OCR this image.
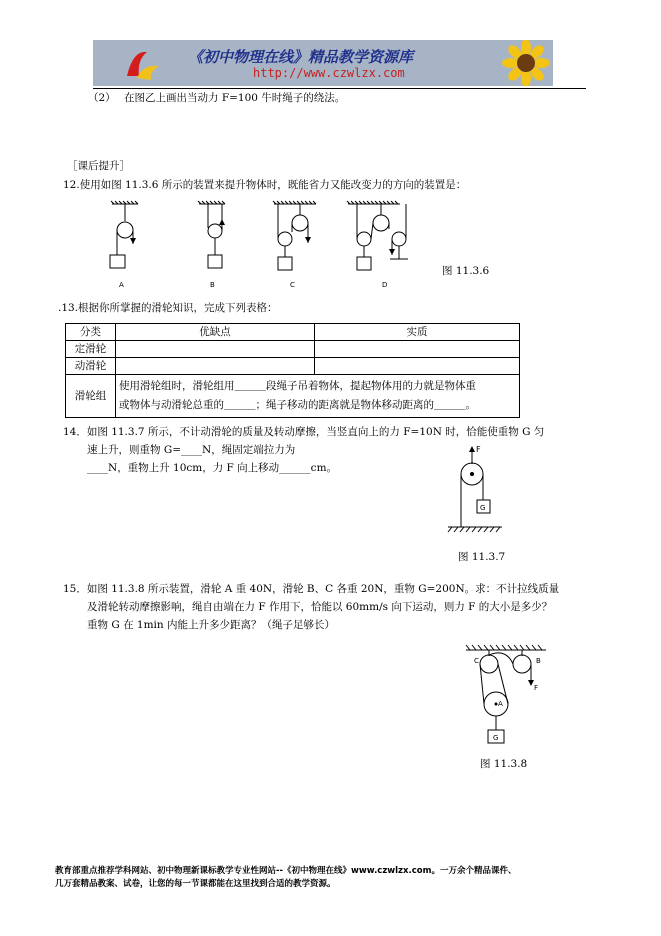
《初中物理在线》精品教学资源库
http://www.czwlzx.com
（2） 在图乙上画出当动力 F=100 牛时绳子的绕法。
［课后提升］
12.使用如图 11.3.6 所示的装置来提升物体时，既能省力又能改变力的方向的装置是：
A	B	C	D
图 11.3.6
.13.根据你所掌握的滑轮知识，完成下列表格：
分类	优缺点	实质
定滑轮		
动滑轮		
滑轮组	使用滑轮组时，滑轮组用＿＿＿段绳子吊着物体，提起物体用的力就是物体重
或物体与动滑轮总重的＿＿＿；绳子移动的距离就是物体移动距离的＿＿＿。	
14．如图 11.3.7 所示，不计动滑轮的质量及转动摩擦，当竖直向上的力 F=10N 时，恰能使重物 G 匀
速上升，则重物 G=____N，绳固定端拉力为
____N，重物上升 10cm，力 F 向上移动______cm。
F
G
图 11.3.7
15．如图 11.3.8 所示装置，滑轮 A 重 40N，滑轮 B、C 各重 20N，重物 G=200N。求：不计拉线质量
及滑轮转动摩擦影响，绳自由端在力 F 作用下，恰能以 60mm/s 向下运动，则力 F 的大小是多少？
重物 G 在 1min 内能上升多少距离？（绳子足够长）
C	B
A
F
G
图 11.3.8
教育部重点推荐学科网站、初中物理新课标教学专业性网站--《初中物理在线》www.czwlzx.com。一万余个精品课件、
几万套精品教案、试卷，让您的每一节课都能在这里找到合适的教学资源。
